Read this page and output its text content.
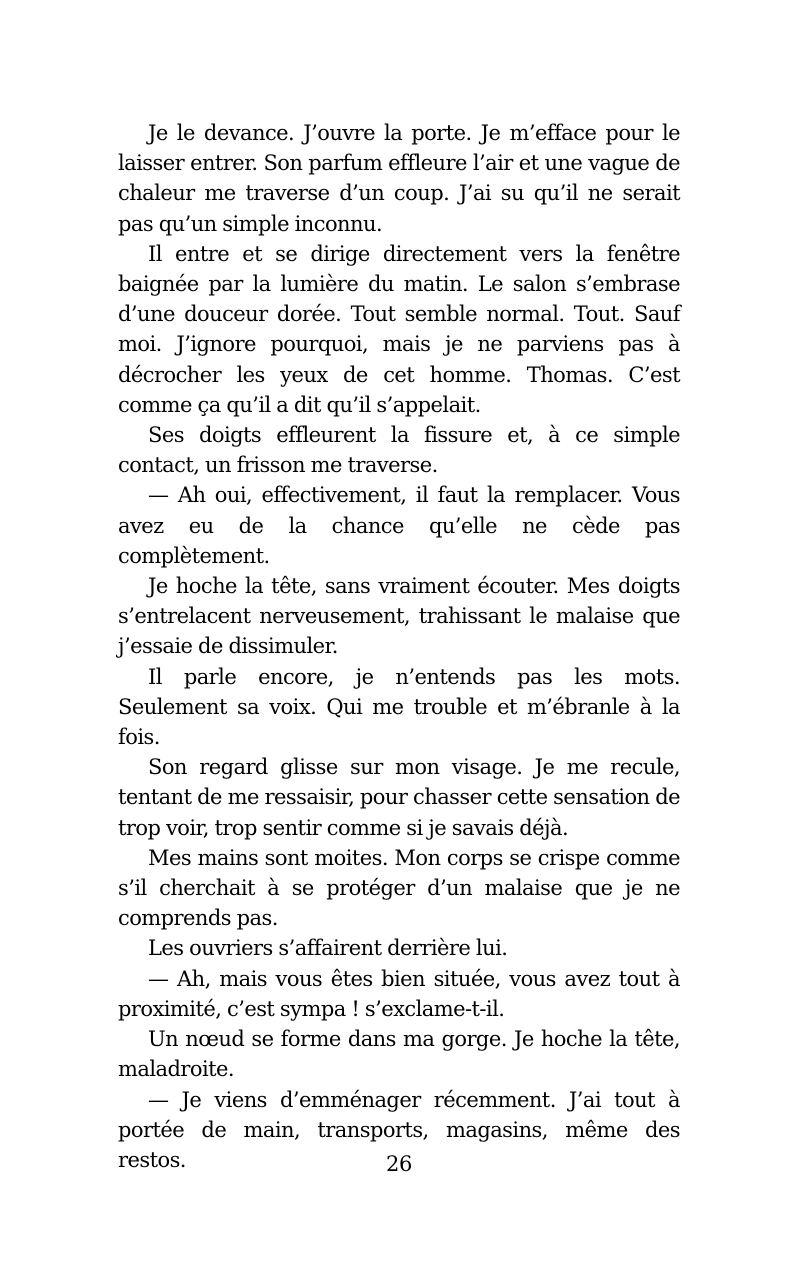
Je le devance. J’ouvre la porte. Je m’efface pour le laisser entrer. Son parfum effleure l’air et une vague de chaleur me traverse d’un coup. J’ai su qu’il ne serait pas qu’un simple inconnu.

Il entre et se dirige directement vers la fenêtre baignée par la lumière du matin. Le salon s’embrase d’une douceur dorée. Tout semble normal. Tout. Sauf moi. J’ignore pourquoi, mais je ne parviens pas à décrocher les yeux de cet homme. Thomas. C’est comme ça qu’il a dit qu’il s’appelait.

Ses doigts effleurent la fissure et, à ce simple contact, un frisson me traverse.

— Ah oui, effectivement, il faut la remplacer. Vous avez eu de la chance qu’elle ne cède pas complètement.

Je hoche la tête, sans vraiment écouter. Mes doigts s’entrelacent nerveusement, trahissant le malaise que j’essaie de dissimuler.

Il parle encore, je n’entends pas les mots. Seulement sa voix. Qui me trouble et m’ébranle à la fois.

Son regard glisse sur mon visage. Je me recule, tentant de me ressaisir, pour chasser cette sensation de trop voir, trop sentir comme si je savais déjà.

Mes mains sont moites. Mon corps se crispe comme s’il cherchait à se protéger d’un malaise que je ne comprends pas.

Les ouvriers s’affairent derrière lui.

— Ah, mais vous êtes bien située, vous avez tout à proximité, c’est sympa ! s’exclame-t-il.

Un nœud se forme dans ma gorge. Je hoche la tête, maladroite.

— Je viens d’emménager récemment. J’ai tout à portée de main, transports, magasins, même des restos.	26
